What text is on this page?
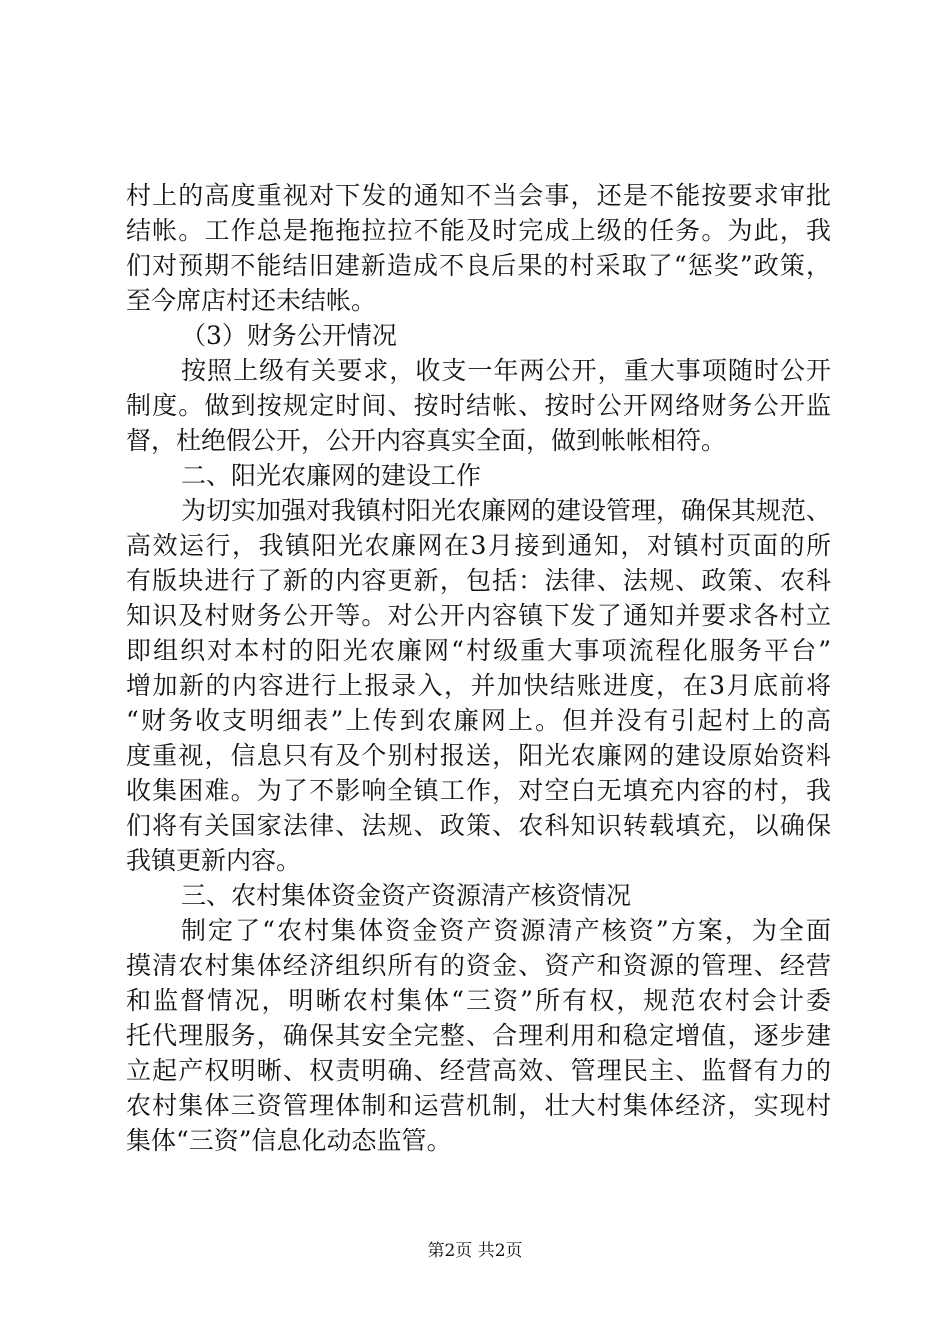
村上的高度重视对下发的通知不当会事，还是不能按要求审批
结帐。工作总是拖拖拉拉不能及时完成上级的任务。为此，我
们对预期不能结旧建新造成不良后果的村采取了“惩奖”政策，
至今席店村还未结帐。
（3）财务公开情况
按照上级有关要求，收支一年两公开，重大事项随时公开
制度。做到按规定时间、按时结帐、按时公开网络财务公开监
督，杜绝假公开，公开内容真实全面，做到帐帐相符。
二、阳光农廉网的建设工作
为切实加强对我镇村阳光农廉网的建设管理，确保其规范、
高效运行，我镇阳光农廉网在3月接到通知，对镇村页面的所
有版块进行了新的内容更新，包括：法律、法规、政策、农科
知识及村财务公开等。对公开内容镇下发了通知并要求各村立
即组织对本村的阳光农廉网“村级重大事项流程化服务平台”
增加新的内容进行上报录入，并加快结账进度，在3月底前将
“财务收支明细表”上传到农廉网上。但并没有引起村上的高
度重视，信息只有及个别村报送，阳光农廉网的建设原始资料
收集困难。为了不影响全镇工作，对空白无填充内容的村，我
们将有关国家法律、法规、政策、农科知识转载填充，以确保
我镇更新内容。
三、农村集体资金资产资源清产核资情况
制定了“农村集体资金资产资源清产核资”方案，为全面
摸清农村集体经济组织所有的资金、资产和资源的管理、经营
和监督情况，明晰农村集体“三资”所有权，规范农村会计委
托代理服务，确保其安全完整、合理利用和稳定增值，逐步建
立起产权明晰、权责明确、经营高效、管理民主、监督有力的
农村集体三资管理体制和运营机制，壮大村集体经济，实现村
集体“三资”信息化动态监管。
第2页 共2页
